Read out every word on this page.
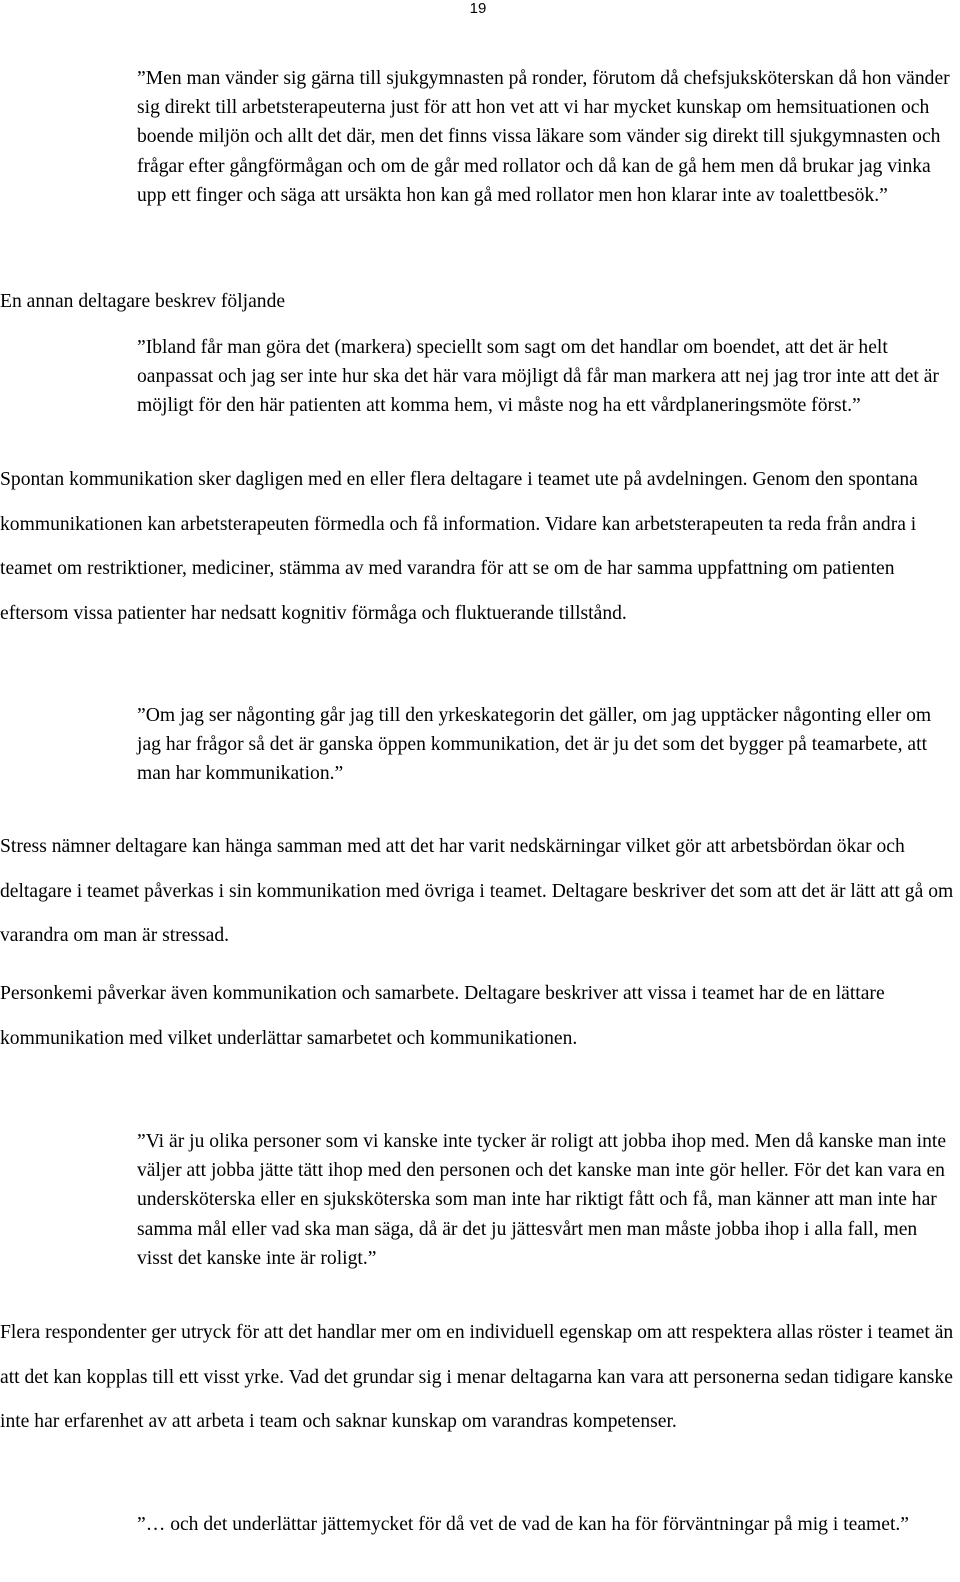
19

”Men man vänder sig gärna till sjukgymnasten på ronder, förutom då chefsjuksköterskan då hon vänder sig direkt till arbetsterapeuterna just för att hon vet att vi har mycket kunskap om hemsituationen och boende miljön och allt det där, men det finns vissa läkare som vänder sig direkt till sjukgymnasten och frågar efter gångförmågan och om de går med rollator och då kan de gå hem men då brukar jag vinka upp ett finger och säga att ursäkta hon kan gå med rollator men hon klarar inte av toalettbesök.”

En annan deltagare beskrev följande

”Ibland får man göra det (markera) speciellt som sagt om det handlar om boendet, att det är helt oanpassat och jag ser inte hur ska det här vara möjligt då får man markera att nej jag tror inte att det är möjligt för den här patienten att komma hem, vi måste nog ha ett vårdplaneringsmöte först.”

Spontan kommunikation sker dagligen med en eller flera deltagare i teamet ute på avdelningen. Genom den spontana kommunikationen kan arbetsterapeuten förmedla och få information. Vidare kan arbetsterapeuten ta reda från andra i teamet om restriktioner, mediciner, stämma av med varandra för att se om de har samma uppfattning om patienten eftersom vissa patienter har nedsatt kognitiv förmåga och fluktuerande tillstånd.

”Om jag ser någonting går jag till den yrkeskategorin det gäller, om jag upptäcker någonting eller om jag har frågor så det är ganska öppen kommunikation, det är ju det som det bygger på teamarbete, att man har kommunikation.”

Stress nämner deltagare kan hänga samman med att det har varit nedskärningar vilket gör att arbetsbördan ökar och deltagare i teamet påverkas i sin kommunikation med övriga i teamet. Deltagare beskriver det som att det är lätt att gå om varandra om man är stressad.

Personkemi påverkar även kommunikation och samarbete. Deltagare beskriver att vissa i teamet har de en lättare kommunikation med vilket underlättar samarbetet och kommunikationen.

”Vi är ju olika personer som vi kanske inte tycker är roligt att jobba ihop med. Men då kanske man inte väljer att jobba jätte tätt ihop med den personen och det kanske man inte gör heller. För det kan vara en undersköterska eller en sjuksköterska som man inte har riktigt fått och få, man känner att man inte har samma mål eller vad ska man säga, då är det ju jättesvårt men man måste jobba ihop i alla fall, men visst det kanske inte är roligt.”

Flera respondenter ger utryck för att det handlar mer om en individuell egenskap om att respektera allas röster i teamet än att det kan kopplas till ett visst yrke. Vad det grundar sig i menar deltagarna kan vara att personerna sedan tidigare kanske inte har erfarenhet av att arbeta i team och saknar kunskap om varandras kompetenser.

”… och det underlättar jättemycket för då vet de vad de kan ha för förväntningar på mig i teamet.”
